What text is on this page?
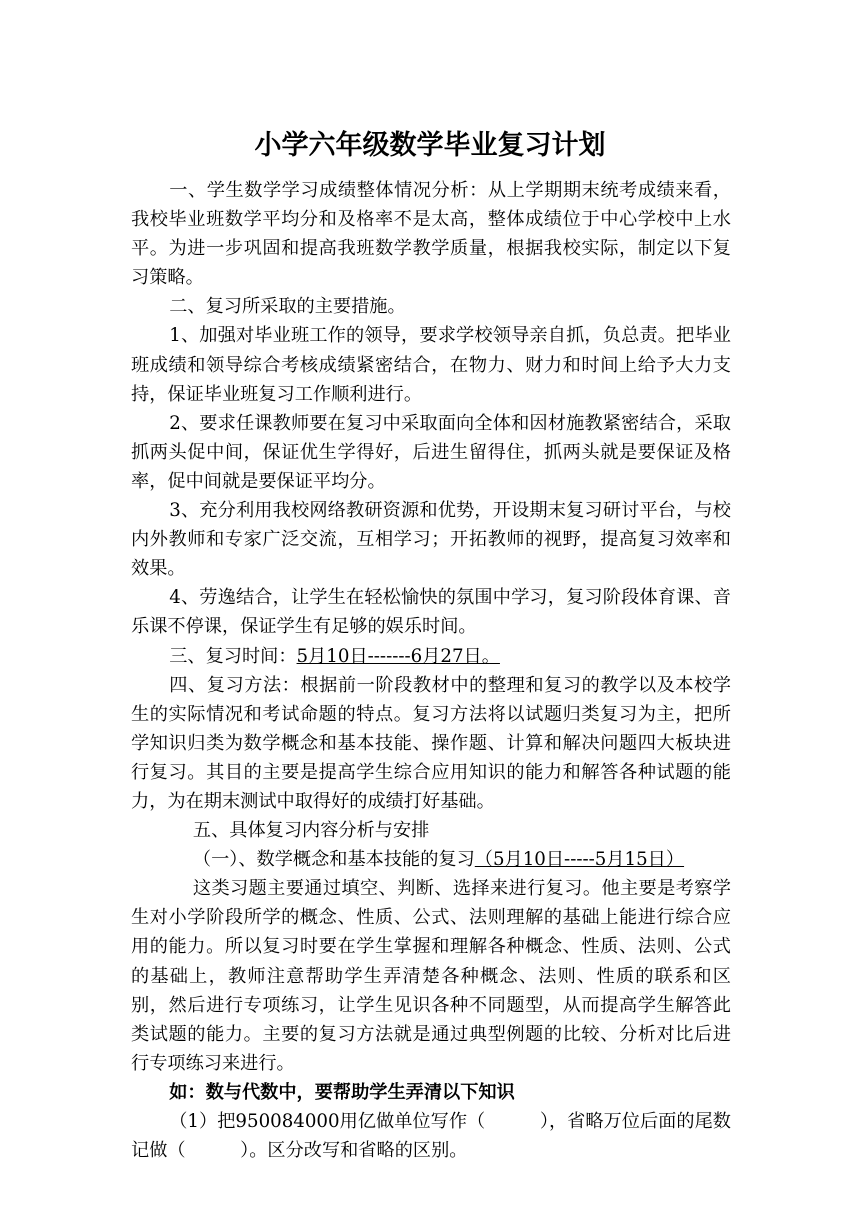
小学六年级数学毕业复习计划

一、学生数学学习成绩整体情况分析：从上学期期末统考成绩来看，我校毕业班数学平均分和及格率不是太高，整体成绩位于中心学校中上水平。为进一步巩固和提高我班数学教学质量，根据我校实际，制定以下复习策略。

二、复习所采取的主要措施。

1、加强对毕业班工作的领导，要求学校领导亲自抓，负总责。把毕业班成绩和领导综合考核成绩紧密结合，在物力、财力和时间上给予大力支持，保证毕业班复习工作顺利进行。

2、要求任课教师要在复习中采取面向全体和因材施教紧密结合，采取抓两头促中间，保证优生学得好，后进生留得住，抓两头就是要保证及格率，促中间就是要保证平均分。

3、充分利用我校网络教研资源和优势，开设期末复习研讨平台，与校内外教师和专家广泛交流，互相学习；开拓教师的视野，提高复习效率和效果。

4、劳逸结合，让学生在轻松愉快的氛围中学习，复习阶段体育课、音乐课不停课，保证学生有足够的娱乐时间。

三、复习时间：5月10日-------6月27日。

四、复习方法：根据前一阶段教材中的整理和复习的教学以及本校学生的实际情况和考试命题的特点。复习方法将以试题归类复习为主，把所学知识归类为数学概念和基本技能、操作题、计算和解决问题四大板块进行复习。其目的主要是提高学生综合应用知识的能力和解答各种试题的能力，为在期末测试中取得好的成绩打好基础。

五、具体复习内容分析与安排

（一）、数学概念和基本技能的复习（5月10日-----5月15日）

这类习题主要通过填空、判断、选择来进行复习。他主要是考察学生对小学阶段所学的概念、性质、公式、法则理解的基础上能进行综合应用的能力。所以复习时要在学生掌握和理解各种概念、性质、法则、公式的基础上，教师注意帮助学生弄清楚各种概念、法则、性质的联系和区别，然后进行专项练习，让学生见识各种不同题型，从而提高学生解答此类试题的能力。主要的复习方法就是通过典型例题的比较、分析对比后进行专项练习来进行。

如：数与代数中，要帮助学生弄清以下知识

（1）把950084000用亿做单位写作（　　　），省略万位后面的尾数记做（　　　）。区分改写和省略的区别。
